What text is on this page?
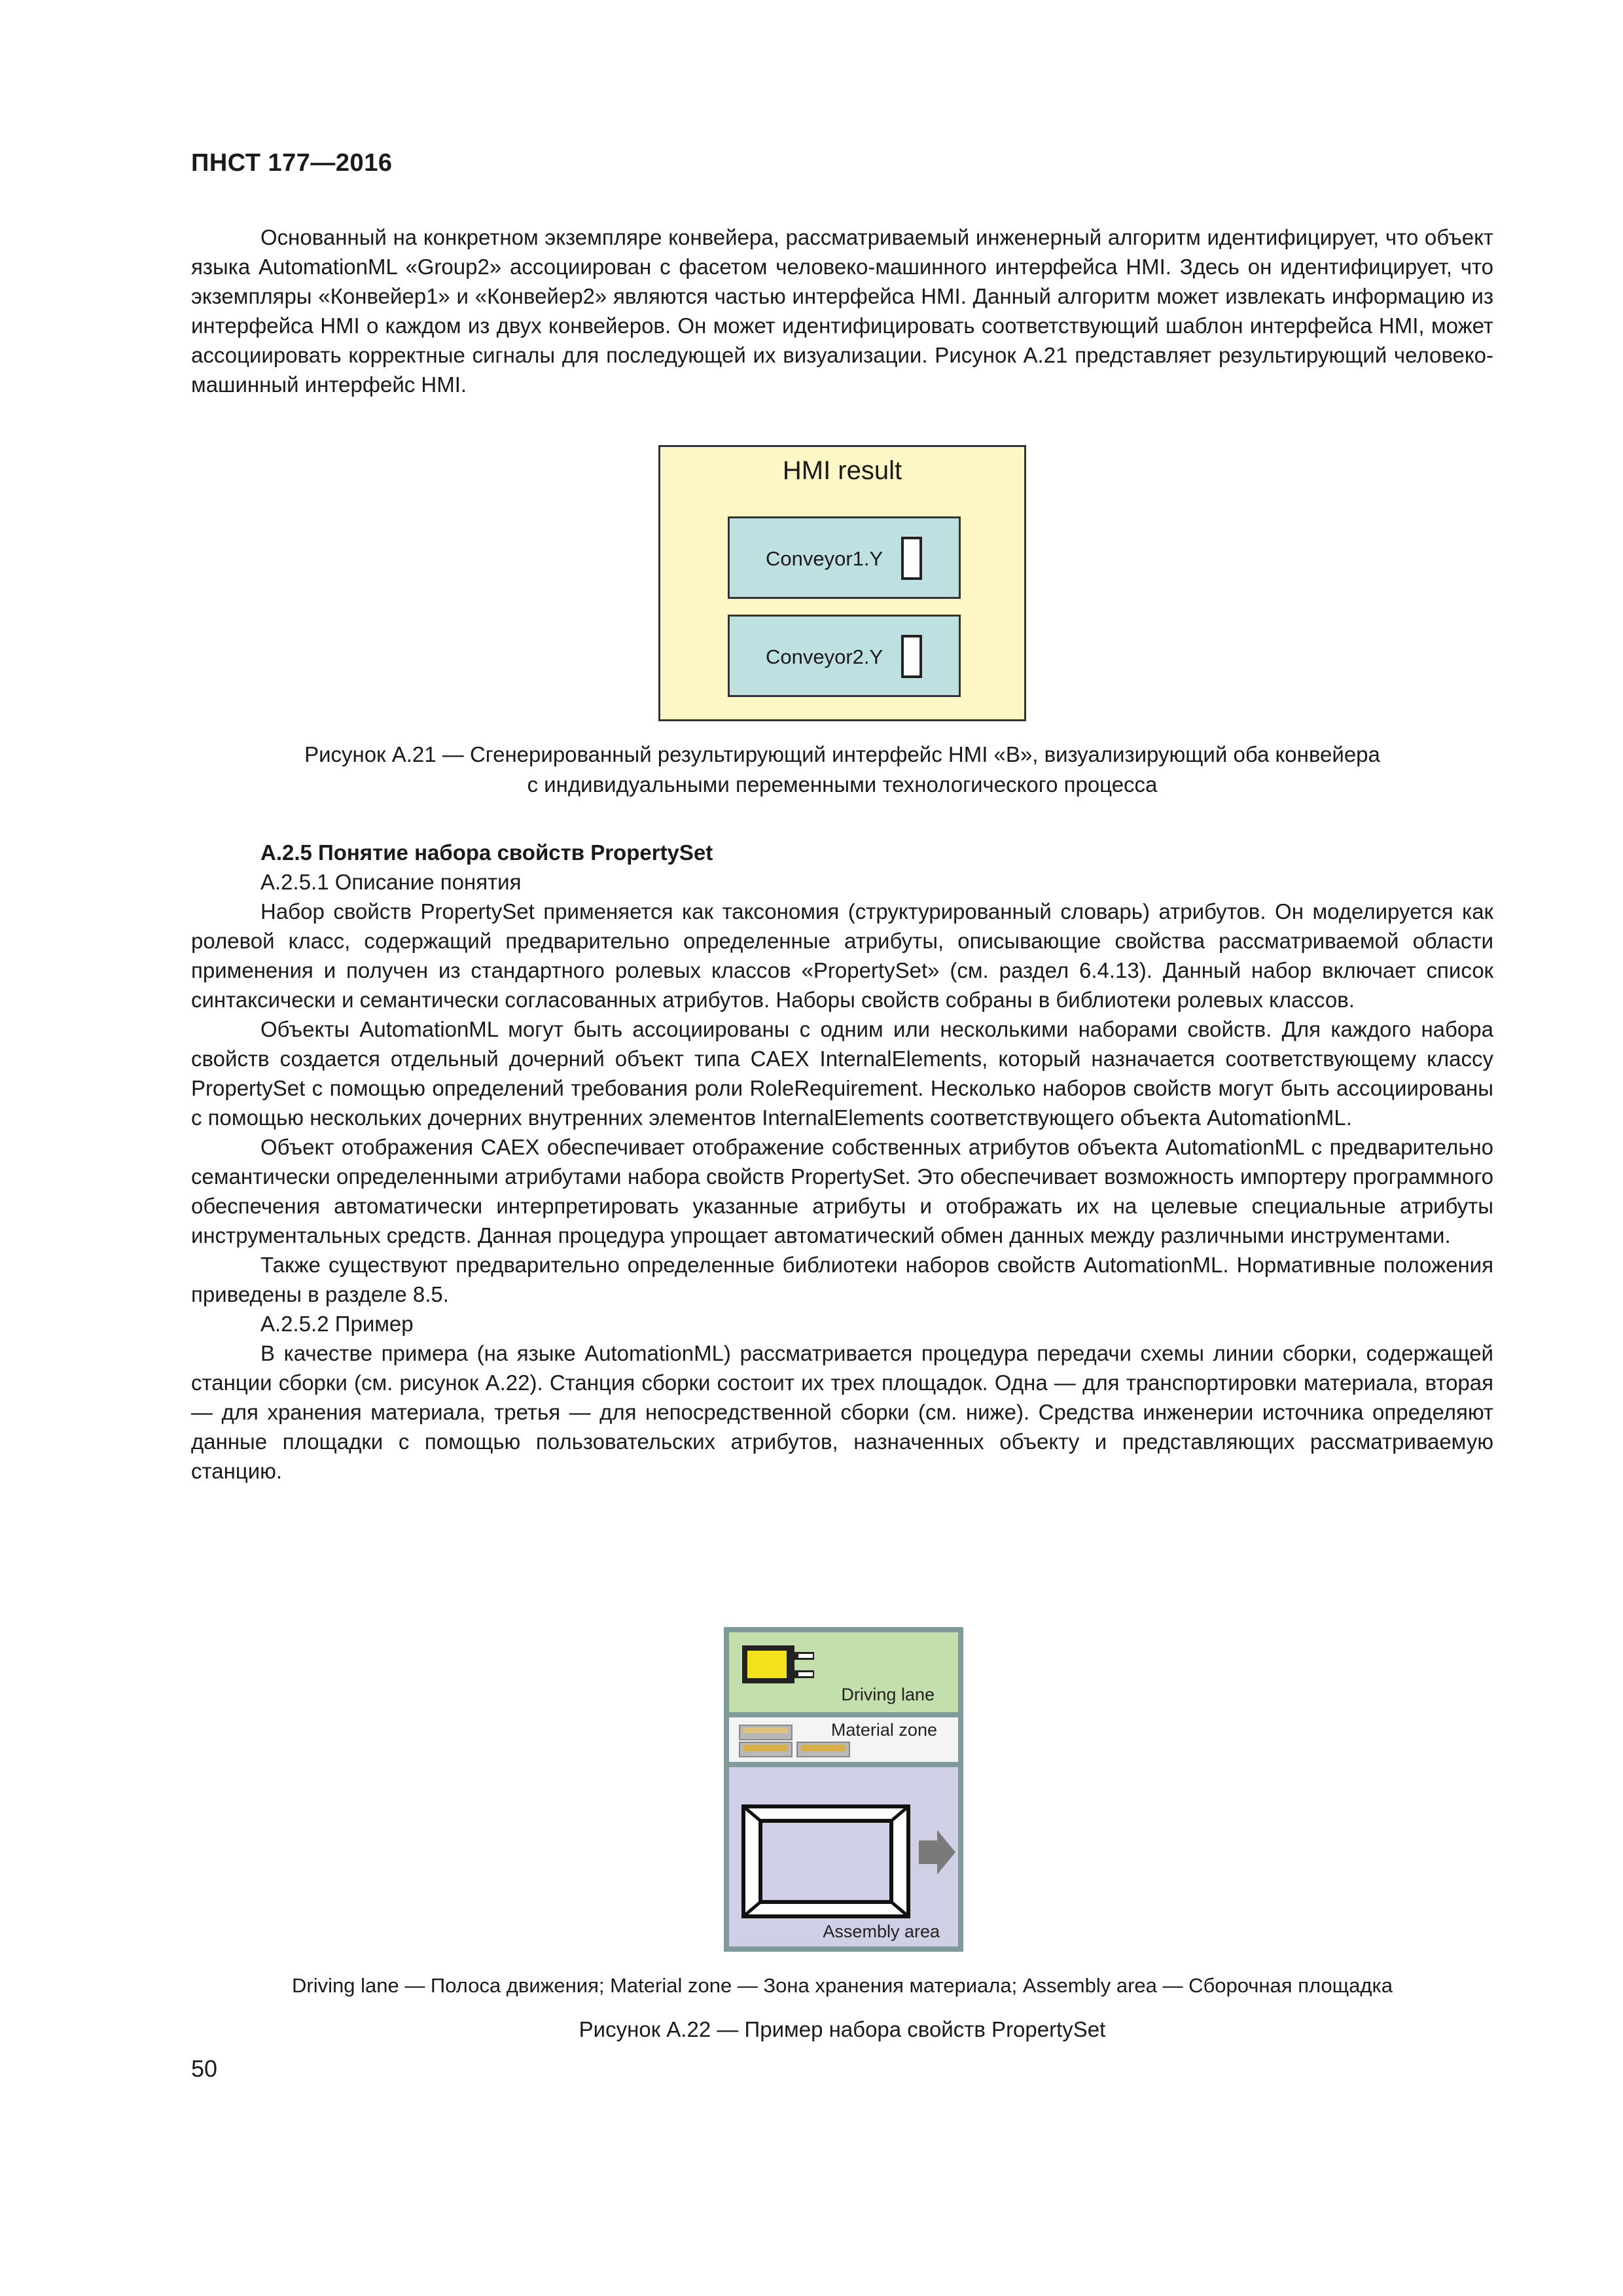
ПНСТ 177—2016

Основанный на конкретном экземпляре конвейера, рассматриваемый инженерный алгоритм идентифицирует, что объект языка AutomationML «Group2» ассоциирован с фасетом человеко-машинного интерфейса HMI. Здесь он идентифицирует, что экземпляры «Конвейер1» и «Конвейер2» являются частью интерфейса HMI. Данный алгоритм может извлекать информацию из интерфейса HMI о каждом из двух конвейеров. Он может идентифицировать соответствующий шаблон интерфейса HMI, может ассоциировать корректные сигналы для последующей их визуализации. Рисунок A.21 представляет результирующий человеко-машинный интерфейс HMI.

HMI result
Conveyor1.Y
Conveyor2.Y
Рисунок A.21 — Сгенерированный результирующий интерфейс HMI «B», визуализирующий оба конвейера
с индивидуальными переменными технологического процесса

A.2.5 Понятие набора свойств PropertySet

A.2.5.1 Описание понятия

Набор свойств PropertySet применяется как таксономия (структурированный словарь) атрибутов. Он моделируется как ролевой класс, содержащий предварительно определенные атрибуты, описывающие свойства рассматриваемой области применения и получен из стандартного ролевых классов «PropertySet» (см. раздел 6.4.13). Данный набор включает список синтаксически и семантически согласованных атрибутов. Наборы свойств собраны в библиотеки ролевых классов.

Объекты AutomationML могут быть ассоциированы с одним или несколькими наборами свойств. Для каждого набора свойств создается отдельный дочерний объект типа CAEX InternalElements, который назначается соответствующему классу PropertySet с помощью определений требования роли RoleRequirement. Несколько наборов свойств могут быть ассоциированы с помощью нескольких дочерних внутренних элементов InternalElements соответствующего объекта AutomationML.

Объект отображения CAEX обеспечивает отображение собственных атрибутов объекта AutomationML с предварительно семантически определенными атрибутами набора свойств PropertySet. Это обеспечивает возможность импортеру программного обеспечения автоматически интерпретировать указанные атрибуты и отображать их на целевые специальные атрибуты инструментальных средств. Данная процедура упрощает автоматический обмен данных между различными инструментами.

Также существуют предварительно определенные библиотеки наборов свойств AutomationML. Нормативные положения приведены в разделе 8.5.

A.2.5.2 Пример

В качестве примера (на языке AutomationML) рассматривается процедура передачи схемы линии сборки, содержащей станции сборки (см. рисунок A.22). Станция сборки состоит их трех площадок. Одна — для транспортировки материала, вторая — для хранения материала, третья — для непосредственной сборки (см. ниже). Средства инженерии источника определяют данные площадки с помощью пользовательских атрибутов, назначенных объекту и представляющих рассматриваемую станцию.

Driving lane
Material zone
Assembly area
Driving lane — Полоса движения; Material zone — Зона хранения материала; Assembly area — Сборочная площадка
Рисунок A.22 — Пример набора свойств PropertySet
50
